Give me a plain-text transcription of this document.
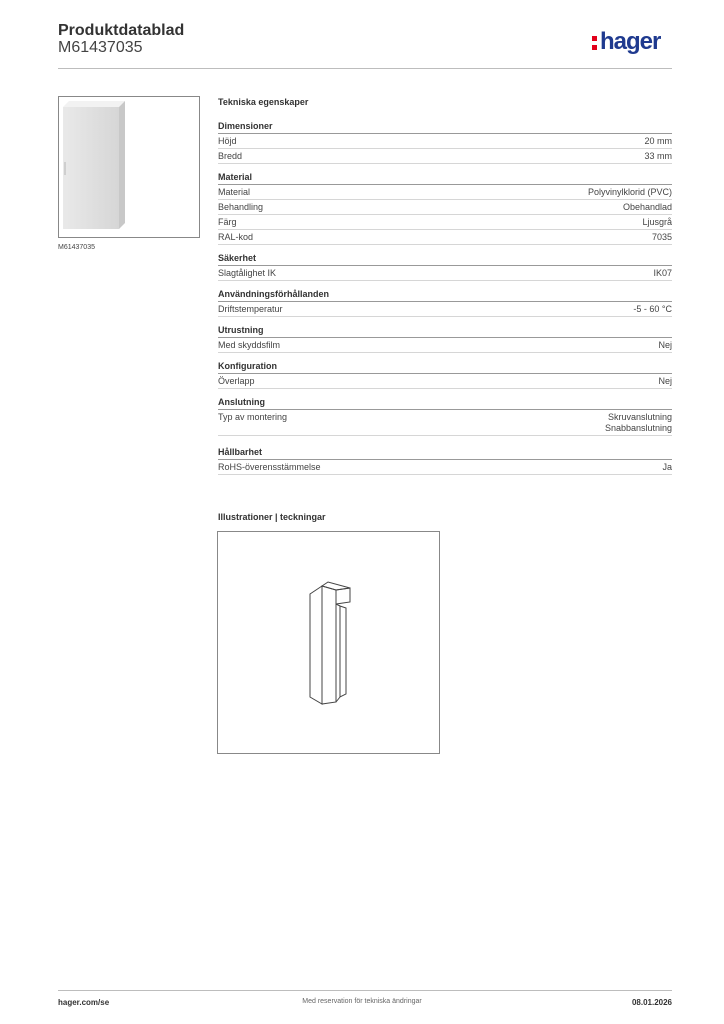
Produktdatablad
M61437035	hager
M61437035
Tekniska egenskaper
Dimensioner
Höjd	20 mm
Bredd	33 mm
Material
Material	Polyvinylklorid (PVC)
Behandling	Obehandlad
Färg	Ljusgrå
RAL-kod	7035
Säkerhet
Slagtålighet IK	IK07
Användningsförhållanden
Driftstemperatur	-5 - 60 °C
Utrustning
Med skyddsfilm	Nej
Konfiguration
Överlapp	Nej
Anslutning
Typ av montering	Skruvanslutning
Snabbanslutning
Hållbarhet
RoHS-överensstämmelse	Ja
Illustrationer | teckningar
hager.com/se	Med reservation för tekniska ändringar	08.01.2026
